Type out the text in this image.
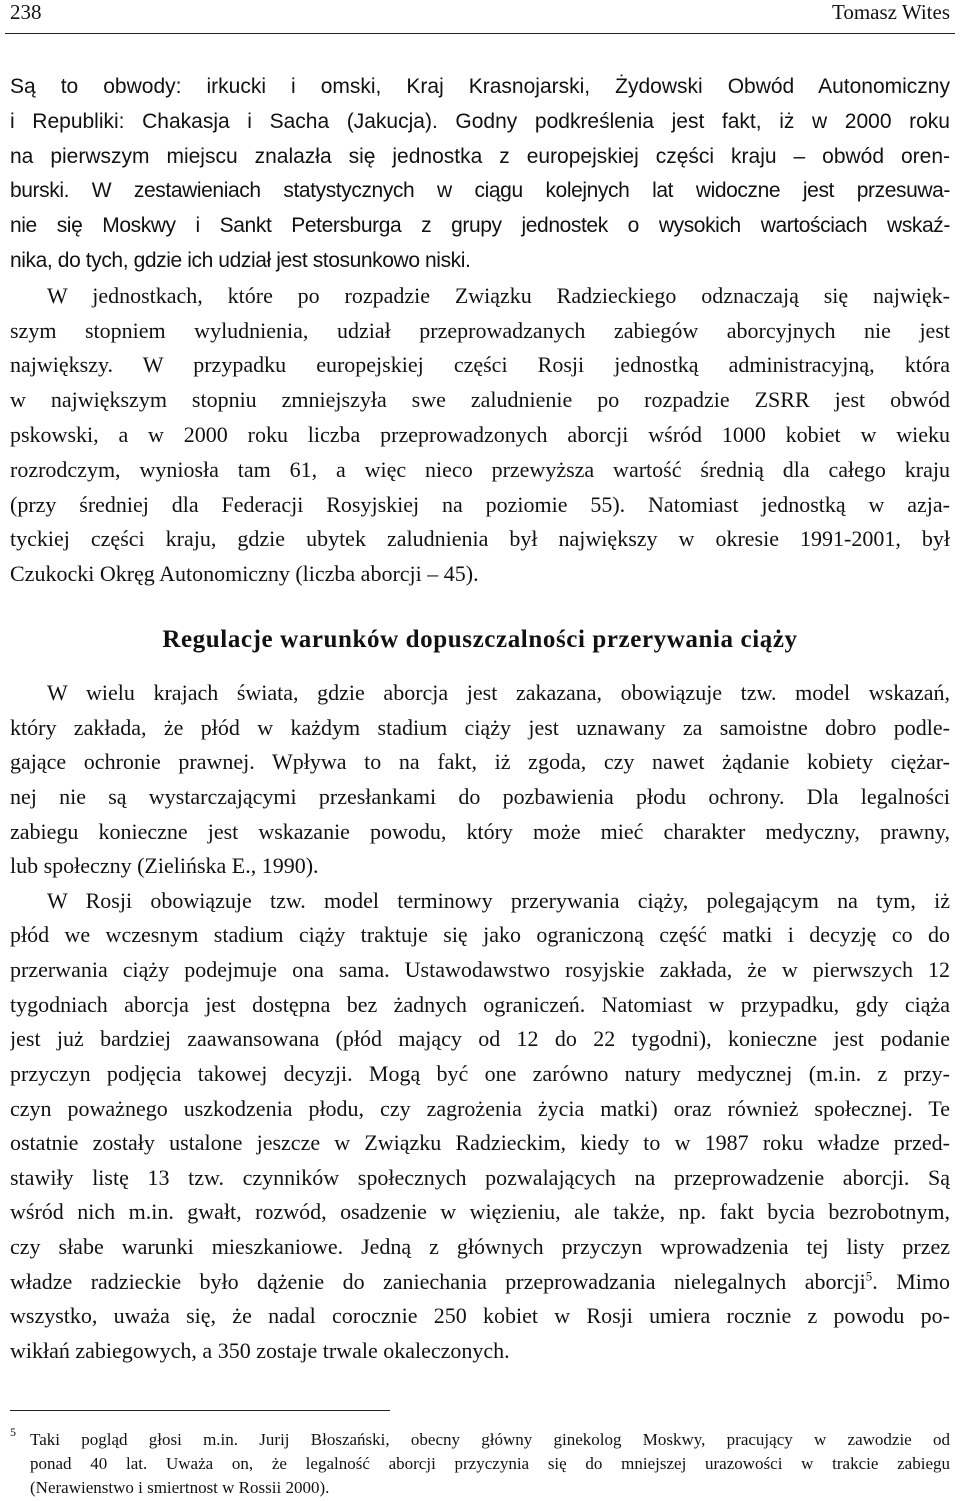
238	Tomasz Wites
Są to obwody: irkucki i omski, Kraj Krasnojarski, Żydowski Obwód Autonomiczny
i Republiki: Chakasja i Sacha (Jakucja). Godny podkreślenia jest fakt, iż w 2000 roku
na pierwszym miejscu znalazła się jednostka z europejskiej części kraju – obwód oren-
burski. W zestawieniach statystycznych w ciągu kolejnych lat widoczne jest przesuwa-
nie się Moskwy i Sankt Petersburga z grupy jednostek o wysokich wartościach wskaź-
nika, do tych, gdzie ich udział jest stosunkowo niski.
W jednostkach, które po rozpadzie Związku Radzieckiego odznaczają się najwięk-
szym stopniem wyludnienia, udział przeprowadzanych zabiegów aborcyjnych nie jest
największy. W przypadku europejskiej części Rosji jednostką administracyjną, która
w największym stopniu zmniejszyła swe zaludnienie po rozpadzie ZSRR jest obwód
pskowski, a w 2000 roku liczba przeprowadzonych aborcji wśród 1000 kobiet w wieku
rozrodczym, wyniosła tam 61, a więc nieco przewyższa wartość średnią dla całego kraju
(przy średniej dla Federacji Rosyjskiej na poziomie 55). Natomiast jednostką w azja-
tyckiej części kraju, gdzie ubytek zaludnienia był największy w okresie 1991-2001, był
Czukocki Okręg Autonomiczny (liczba aborcji – 45).
Regulacje warunków dopuszczalności przerywania ciąży
W wielu krajach świata, gdzie aborcja jest zakazana, obowiązuje tzw. model wskazań,
który zakłada, że płód w każdym stadium ciąży jest uznawany za samoistne dobro podle-
gające ochronie prawnej. Wpływa to na fakt, iż zgoda, czy nawet żądanie kobiety ciężar-
nej nie są wystarczającymi przesłankami do pozbawienia płodu ochrony. Dla legalności
zabiegu konieczne jest wskazanie powodu, który może mieć charakter medyczny, prawny,
lub społeczny (Zielińska E., 1990).
W Rosji obowiązuje tzw. model terminowy przerywania ciąży, polegającym na tym, iż
płód we wczesnym stadium ciąży traktuje się jako ograniczoną część matki i decyzję co do
przerwania ciąży podejmuje ona sama. Ustawodawstwo rosyjskie zakłada, że w pierwszych 12
tygodniach aborcja jest dostępna bez żadnych ograniczeń. Natomiast w przypadku, gdy ciąża
jest już bardziej zaawansowana (płód mający od 12 do 22 tygodni), konieczne jest podanie
przyczyn podjęcia takowej decyzji. Mogą być one zarówno natury medycznej (m.in. z przy-
czyn poważnego uszkodzenia płodu, czy zagrożenia życia matki) oraz również społecznej. Te
ostatnie zostały ustalone jeszcze w Związku Radzieckim, kiedy to w 1987 roku władze przed-
stawiły listę 13 tzw. czynników społecznych pozwalających na przeprowadzenie aborcji. Są
wśród nich m.in. gwałt, rozwód, osadzenie w więzieniu, ale także, np. fakt bycia bezrobotnym,
czy słabe warunki mieszkaniowe. Jedną z głównych przyczyn wprowadzenia tej listy przez
władze radzieckie było dążenie do zaniechania przeprowadzania nielegalnych aborcji$^5$. Mimo
wszystko, uważa się, że nadal corocznie 250 kobiet w Rosji umiera rocznie z powodu po-
wikłań zabiegowych, a 350 zostaje trwale okaleczonych.
5 Taki pogląd głosi m.in. Jurij Błoszański, obecny główny ginekolog Moskwy, pracujący w zawodzie od
ponad 40 lat. Uważa on, że legalność aborcji przyczynia się do mniejszej urazowości w trakcie zabiegu
(Nerawienstwo i smiertnost w Rossii 2000).
